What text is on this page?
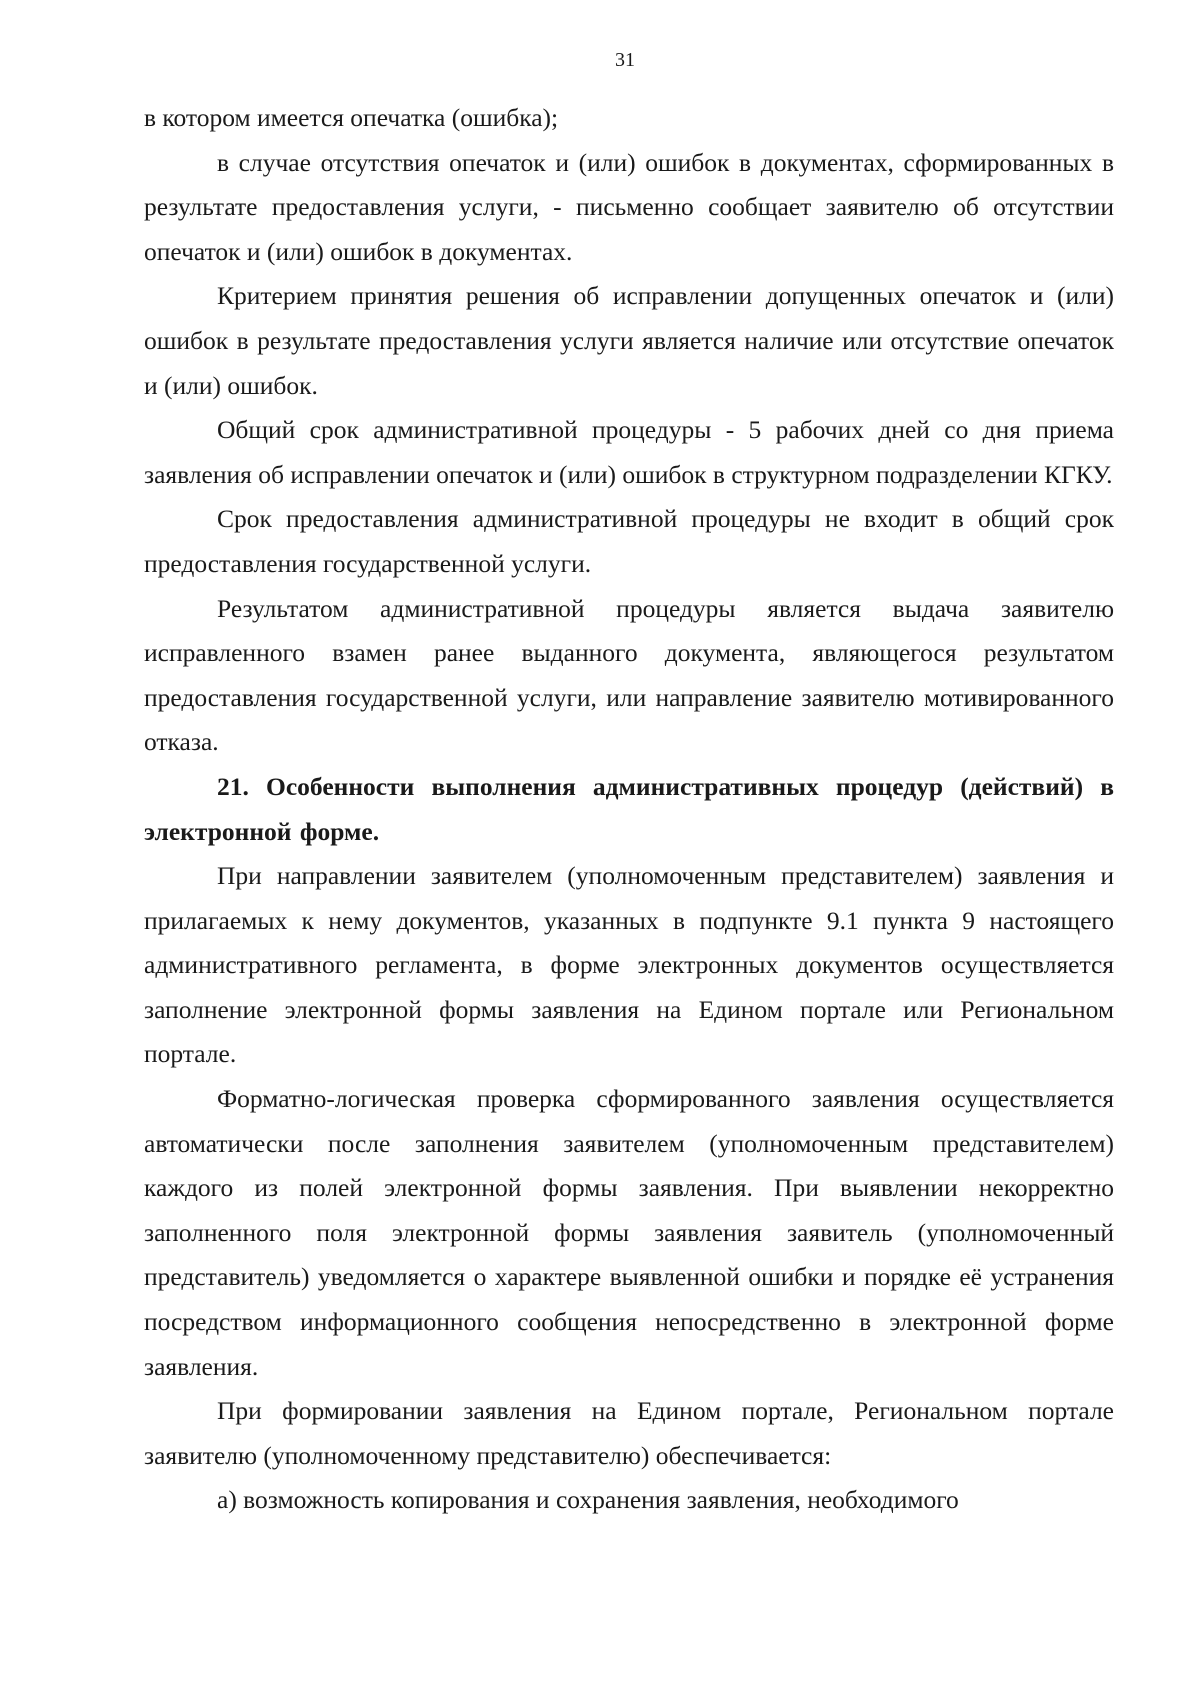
31

в котором имеется опечатка (ошибка);

в случае отсутствия опечаток и (или) ошибок в документах, сформированных в результате предоставления услуги, - письменно сообщает заявителю об отсутствии опечаток и (или) ошибок в документах.

Критерием принятия решения об исправлении допущенных опечаток и (или) ошибок в результате предоставления услуги является наличие или отсутствие опечаток и (или) ошибок.

Общий срок административной процедуры - 5 рабочих дней со дня приема заявления об исправлении опечаток и (или) ошибок в структурном подразделении КГКУ.

Срок предоставления административной процедуры не входит в общий срок предоставления государственной услуги.

Результатом административной процедуры является выдача заявителю исправленного взамен ранее выданного документа, являющегося результатом предоставления государственной услуги, или направление заявителю мотивированного отказа.

21. Особенности выполнения административных процедур (действий) в электронной форме.

При направлении заявителем (уполномоченным представителем) заявления и прилагаемых к нему документов, указанных в подпункте 9.1 пункта 9 настоящего административного регламента, в форме электронных документов осуществляется заполнение электронной формы заявления на Едином портале или Региональном портале.

Форматно-логическая проверка сформированного заявления осуществляется автоматически после заполнения заявителем (уполномоченным представителем) каждого из полей электронной формы заявления. При выявлении некорректно заполненного поля электронной формы заявления заявитель (уполномоченный представитель) уведомляется о характере выявленной ошибки и порядке её устранения посредством информационного сообщения непосредственно в электронной форме заявления.

При формировании заявления на Едином портале, Региональном портале заявителю (уполномоченному представителю) обеспечивается:

а) возможность копирования и сохранения заявления, необходимого
